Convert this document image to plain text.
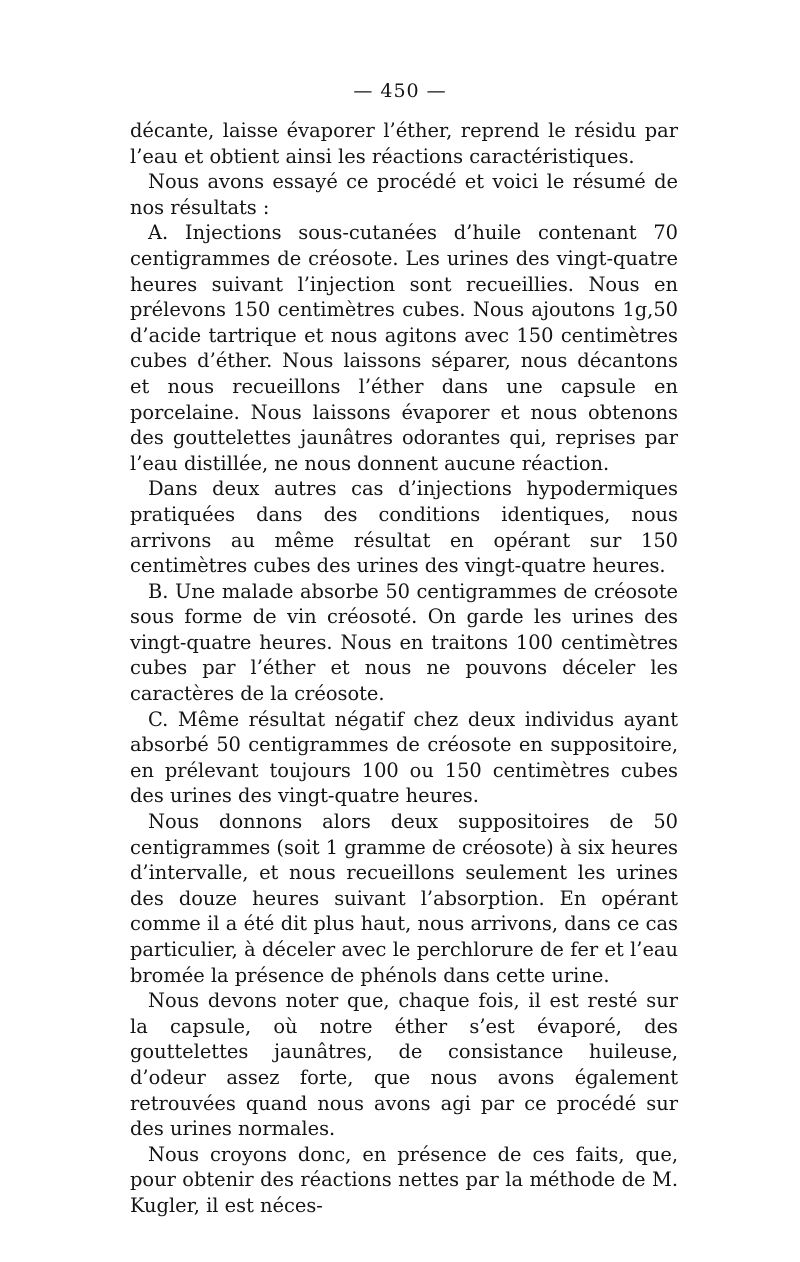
— 450 —

décante, laisse évaporer l’éther, reprend le résidu par l’eau et obtient ainsi les réactions caractéristiques.

Nous avons essayé ce procédé et voici le résumé de nos résultats :

A. Injections sous-cutanées d’huile contenant 70 centigrammes de créosote. Les urines des vingt-quatre heures suivant l’injection sont recueillies. Nous en prélevons 150 centimètres cubes. Nous ajoutons 1g,50 d’acide tartrique et nous agitons avec 150 centimètres cubes d’éther. Nous laissons séparer, nous décantons et nous recueillons l’éther dans une capsule en porcelaine. Nous laissons évaporer et nous obtenons des gouttelettes jaunâtres odorantes qui, reprises par l’eau distillée, ne nous donnent aucune réaction.

Dans deux autres cas d’injections hypodermiques pratiquées dans des conditions identiques, nous arrivons au même résultat en opérant sur 150 centimètres cubes des urines des vingt-quatre heures.

B. Une malade absorbe 50 centigrammes de créosote sous forme de vin créosoté. On garde les urines des vingt-quatre heures. Nous en traitons 100 centimètres cubes par l’éther et nous ne pouvons déceler les caractères de la créosote.

C. Même résultat négatif chez deux individus ayant absorbé 50 centigrammes de créosote en suppositoire, en prélevant toujours 100 ou 150 centimètres cubes des urines des vingt-quatre heures.

Nous donnons alors deux suppositoires de 50 centigrammes (soit 1 gramme de créosote) à six heures d’intervalle, et nous recueillons seulement les urines des douze heures suivant l’absorption. En opérant comme il a été dit plus haut, nous arrivons, dans ce cas particulier, à déceler avec le perchlorure de fer et l’eau bromée la présence de phénols dans cette urine.

Nous devons noter que, chaque fois, il est resté sur la capsule, où notre éther s’est évaporé, des gouttelettes jaunâtres, de consistance huileuse, d’odeur assez forte, que nous avons également retrouvées quand nous avons agi par ce procédé sur des urines normales.

Nous croyons donc, en présence de ces faits, que, pour obtenir des réactions nettes par la méthode de M. Kugler, il est néces-
